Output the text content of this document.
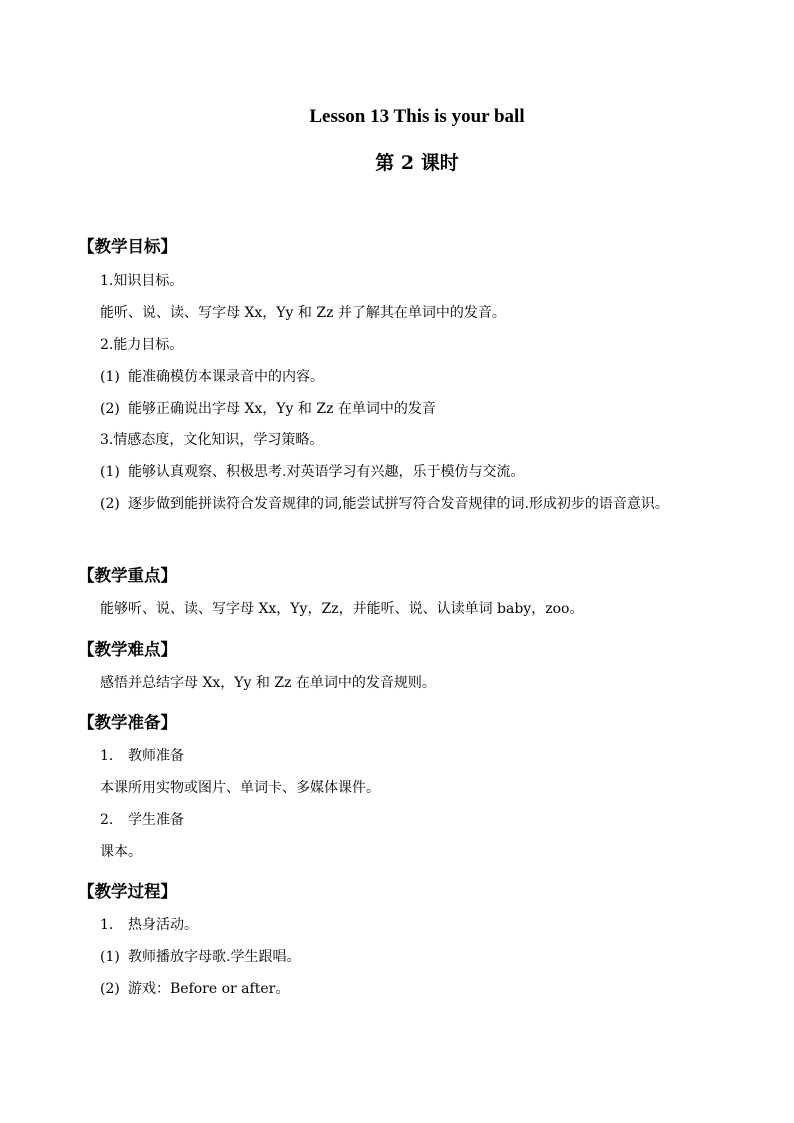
Lesson 13 This is your ball
第 2 课时
【教学目标】
1.知识目标。
能听、说、读、写字母 Xx，Yy 和 Zz 并了解其在单词中的发音。
2.能力目标。
(1) 能准确模仿本课录音中的内容。
(2) 能够正确说出字母 Xx，Yy 和 Zz 在单词中的发音
3.情感态度，文化知识，学习策略。
(1) 能够认真观察、积极思考.对英语学习有兴趣，乐于模仿与交流。
(2) 逐步做到能拼读符合发音规律的词,能尝试拼写符合发音规律的词.形成初步的语音意识。
【教学重点】
能够听、说、读、写字母 Xx，Yy，Zz，并能听、说、认读单词 baby，zoo。
【教学难点】
感悟并总结字母 Xx，Yy 和 Zz 在单词中的发音规则。
【教学准备】
1. 教师准备
本课所用实物或图片、单词卡、多媒体课件。
2. 学生准备
课本。
【教学过程】
1． 热身活动。
(1) 教师播放字母歌.学生跟唱。
(2) 游戏：Before or after。
